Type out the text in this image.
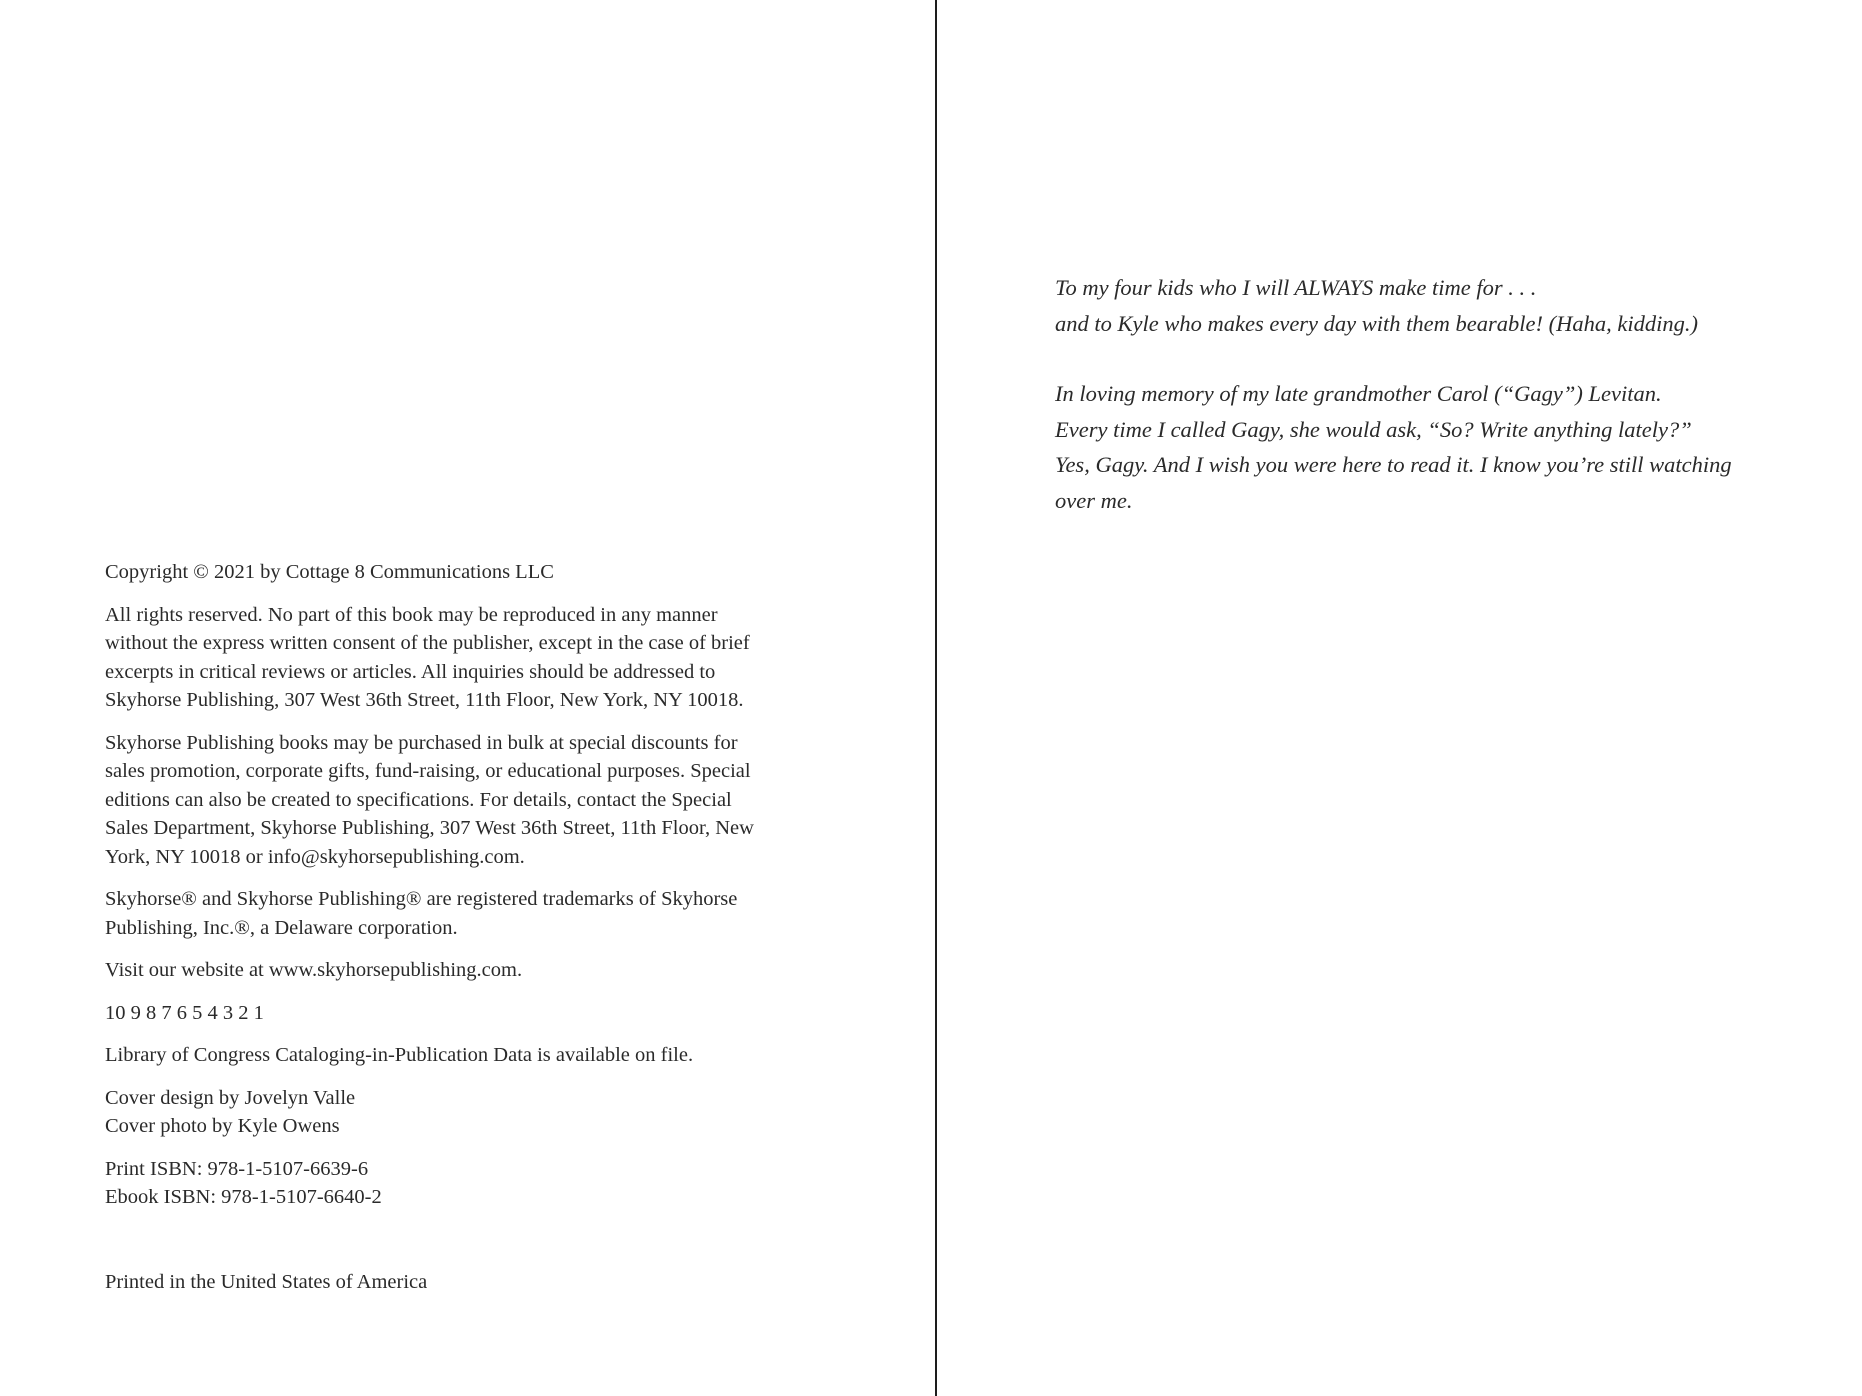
Copyright © 2021 by Cottage 8 Communications LLC

All rights reserved. No part of this book may be reproduced in any manner
without the express written consent of the publisher, except in the case of brief
excerpts in critical reviews or articles. All inquiries should be addressed to
Skyhorse Publishing, 307 West 36th Street, 11th Floor, New York, NY 10018.

Skyhorse Publishing books may be purchased in bulk at special discounts for
sales promotion, corporate gifts, fund-raising, or educational purposes. Special
editions can also be created to specifications. For details, contact the Special
Sales Department, Skyhorse Publishing, 307 West 36th Street, 11th Floor, New
York, NY 10018 or info@skyhorsepublishing.com.

Skyhorse® and Skyhorse Publishing® are registered trademarks of Skyhorse
Publishing, Inc.®, a Delaware corporation.

Visit our website at www.skyhorsepublishing.com.

10 9 8 7 6 5 4 3 2 1

Library of Congress Cataloging-in-Publication Data is available on file.

Cover design by Jovelyn Valle
Cover photo by Kyle Owens

Print ISBN: 978-1-5107-6639-6
Ebook ISBN: 978-1-5107-6640-2

Printed in the United States of America

To my four kids who I will ALWAYS make time for . . .
and to Kyle who makes every day with them bearable! (Haha, kidding.)

In loving memory of my late grandmother Carol (“Gagy”) Levitan.
Every time I called Gagy, she would ask, “So? Write anything lately?”
Yes, Gagy. And I wish you were here to read it. I know you’re still watching
over me.
